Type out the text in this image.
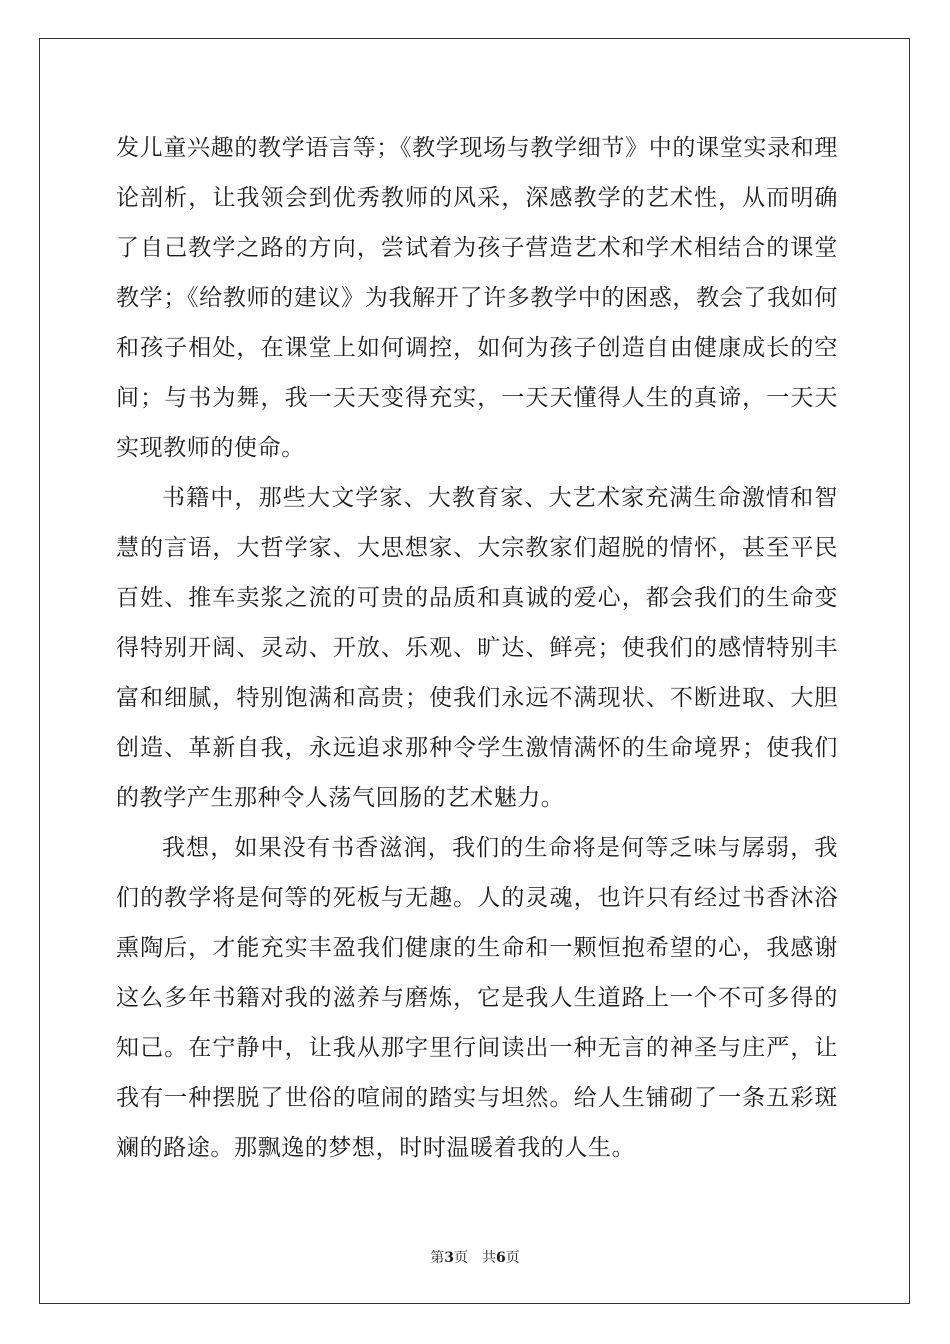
发儿童兴趣的教学语言等；《教学现场与教学细节》中的课堂实录和理论剖析，让我领会到优秀教师的风采，深感教学的艺术性，从而明确了自己教学之路的方向，尝试着为孩子营造艺术和学术相结合的课堂教学；《给教师的建议》为我解开了许多教学中的困惑，教会了我如何和孩子相处，在课堂上如何调控，如何为孩子创造自由健康成长的空间；与书为舞，我一天天变得充实，一天天懂得人生的真谛，一天天实现教师的使命。

书籍中，那些大文学家、大教育家、大艺术家充满生命激情和智慧的言语，大哲学家、大思想家、大宗教家们超脱的情怀，甚至平民百姓、推车卖浆之流的可贵的品质和真诚的爱心，都会我们的生命变得特别开阔、灵动、开放、乐观、旷达、鲜亮；使我们的感情特别丰富和细腻，特别饱满和高贵；使我们永远不满现状、不断进取、大胆创造、革新自我，永远追求那种令学生激情满怀的生命境界；使我们的教学产生那种令人荡气回肠的艺术魅力。

我想，如果没有书香滋润，我们的生命将是何等乏味与孱弱，我们的教学将是何等的死板与无趣。人的灵魂，也许只有经过书香沐浴熏陶后，才能充实丰盈我们健康的生命和一颗恒抱希望的心，我感谢这么多年书籍对我的滋养与磨炼，它是我人生道路上一个不可多得的知己。在宁静中，让我从那字里行间读出一种无言的神圣与庄严，让我有一种摆脱了世俗的喧闹的踏实与坦然。给人生铺砌了一条五彩斑斓的路途。那飘逸的梦想，时时温暖着我的人生。

第3页 共6页
